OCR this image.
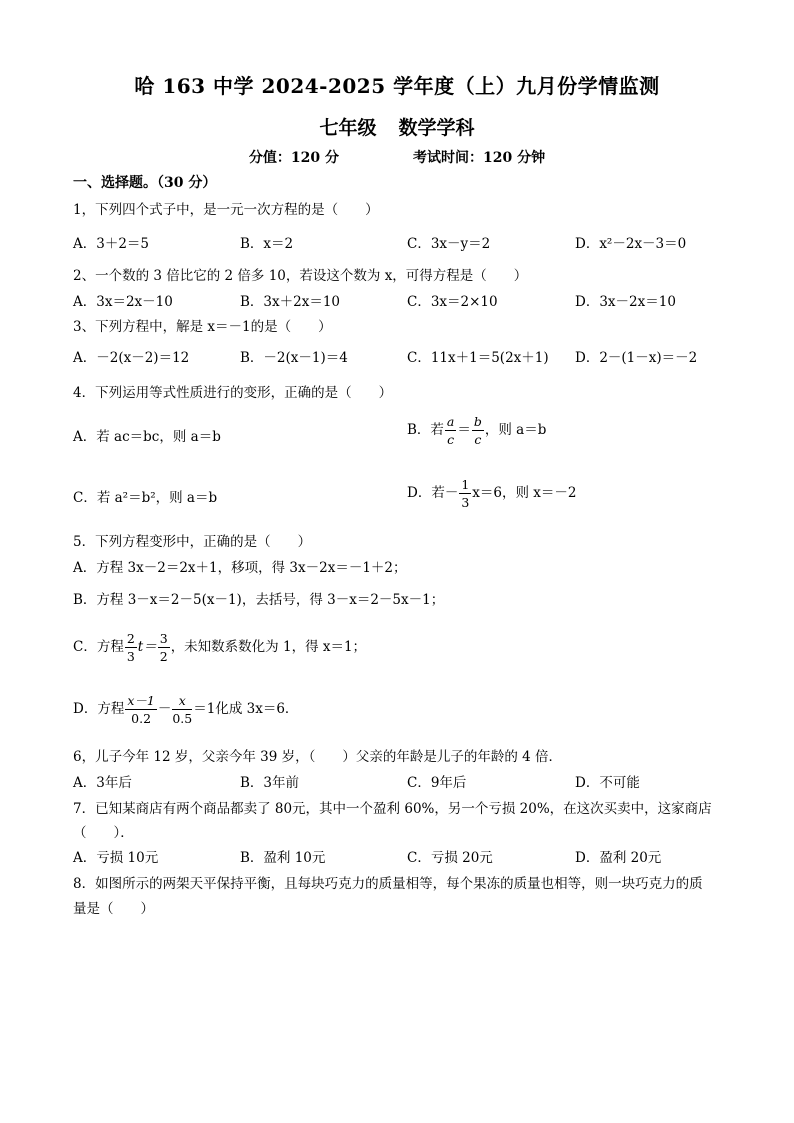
哈 163 中学 2024-2025 学年度（上）九月份学情监测
七年级 数学学科
分值：120 分	考试时间：120 分钟
一、选择题。（30 分）
1，下列四个式子中，是一元一次方程的是（　　）
A．3＋2＝5	B．x＝2	C．3x－y＝2	D．x²－2x－3＝0
2、一个数的 3 倍比它的 2 倍多 10，若设这个数为 x，可得方程是（　　）
A．3x＝2x－10	B．3x＋2x＝10	C．3x＝2×10	D．3x－2x＝10
3、下列方程中，解是 x＝－1的是（　　）
A．－2(x－2)＝12	B．－2(x－1)＝4	C．11x＋1＝5(2x＋1) D．2－(1－x)＝－2
4．下列运用等式性质进行的变形，正确的是（　　）
A．若 ac＝bc，则 a＝b	B．若 $\frac{a}{c} = \frac{b}{c}$ ，则 a＝b
C．若 a²＝b²，则 a＝b	D．若－ $\frac{1}{3} x=6$，则 x＝－2
5．下列方程变形中，正确的是（　　）
A．方程 3x－2＝2x＋1，移项，得 3x－2x＝－1＋2；
B．方程 3－x＝2－5(x－1)，去括号，得 3－x＝2－5x－1；
C．方程 $\frac{2}{3} t= \frac{3}{2}$ ，未知数系数化为 1，得 x＝1；
D．方程 $\frac{x-1}{0.2} - \frac{x}{0.5} =1$化成 3x＝6．
6，儿子今年 12 岁，父亲今年 39 岁，（　　）父亲的年龄是儿子的年龄的 4 倍．
A．3年后	B．3年前	C．9年后	D．不可能
7．已知某商店有两个商品都卖了 80元，其中一个盈利 60%，另一个亏损 20%，在这次买卖中，这家商店
（　　）．
A．亏损 10元	B．盈利 10元	C．亏损 20元	D．盈利 20元
8．如图所示的两架天平保持平衡，且每块巧克力的质量相等，每个果冻的质量也相等，则一块巧克力的质
量是（　　）
